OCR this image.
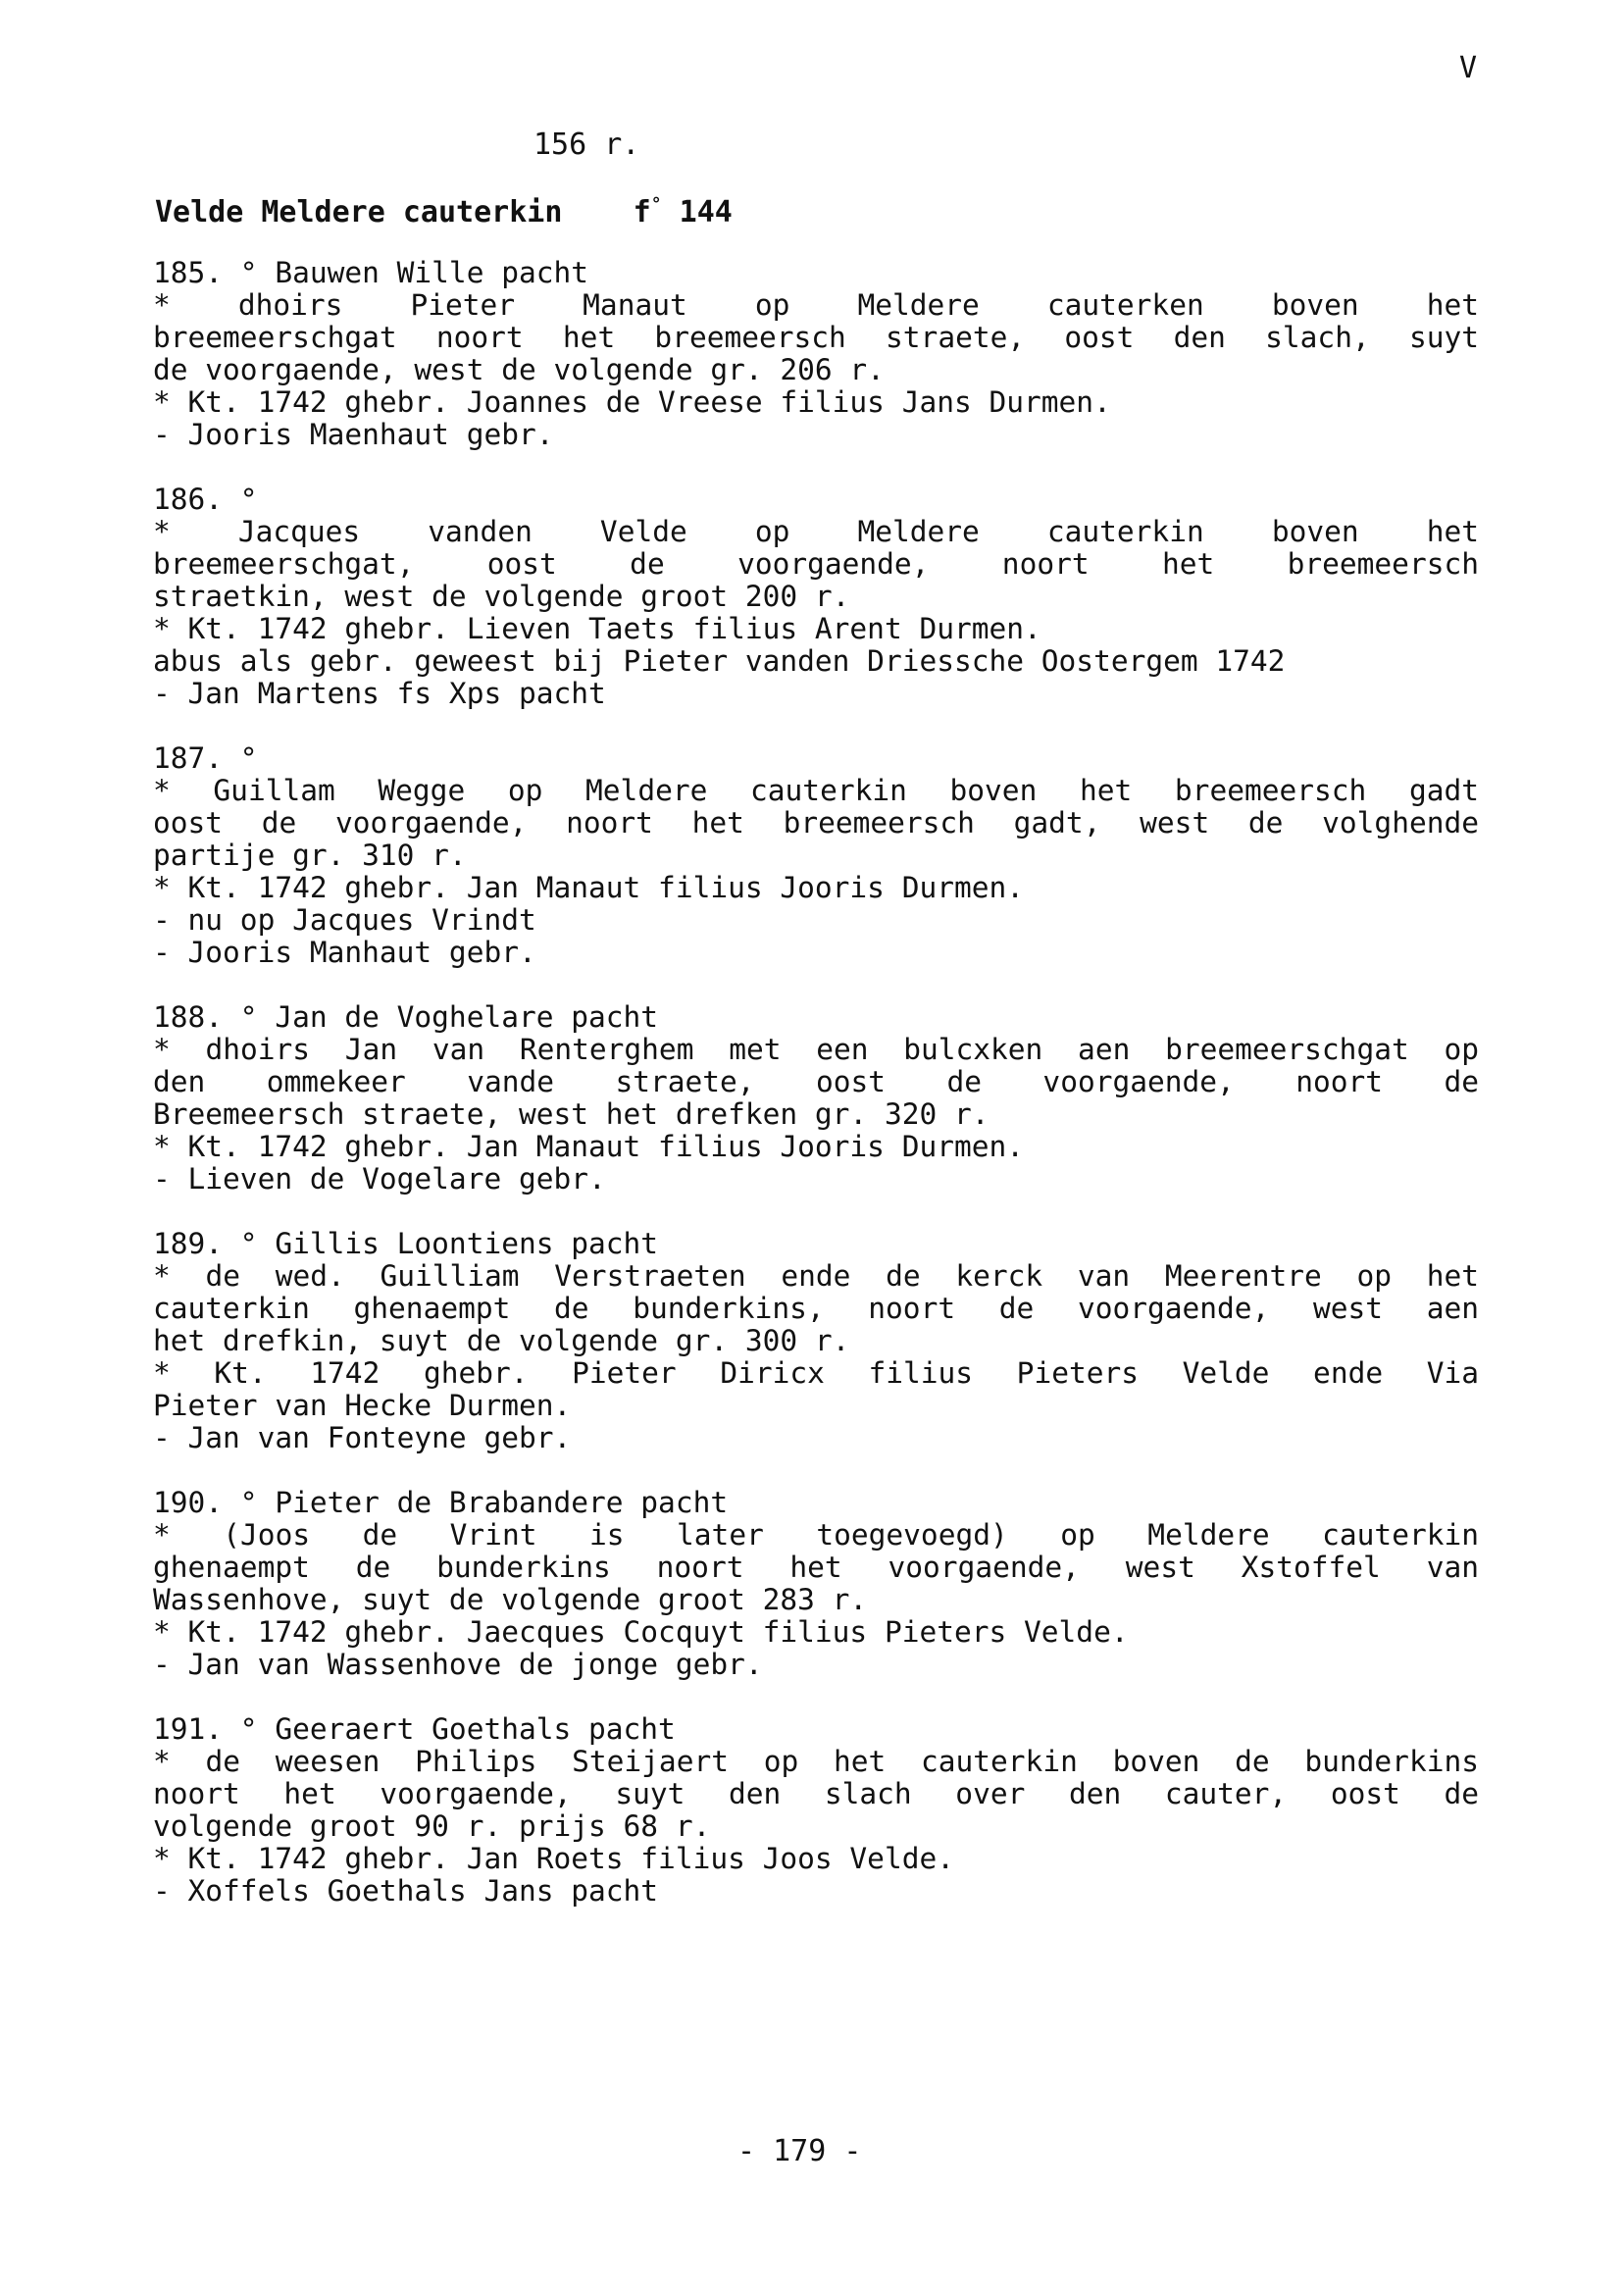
V
156 r.
Velde Meldere cauterkin    f° 144
185. ° Bauwen Wille pacht
* dhoirs Pieter Manaut op Meldere cauterken boven het
breemeerschgat noort het breemeersch straete, oost den slach, suyt
de voorgaende, west de volgende gr. 206 r.
* Kt. 1742 ghebr. Joannes de Vreese filius Jans Durmen.
- Jooris Maenhaut gebr.
186. °
* Jacques vanden Velde op Meldere cauterkin boven het
breemeerschgat, oost de voorgaende, noort het breemeersch
straetkin, west de volgende groot 200 r.
* Kt. 1742 ghebr. Lieven Taets filius Arent Durmen.
abus als gebr. geweest bij Pieter vanden Driessche Oostergem 1742
- Jan Martens fs Xps pacht
187. °
* Guillam Wegge op Meldere cauterkin boven het breemeersch gadt
oost de voorgaende, noort het breemeersch gadt, west de volghende
partije gr. 310 r.
* Kt. 1742 ghebr. Jan Manaut filius Jooris Durmen.
- nu op Jacques Vrindt
- Jooris Manhaut gebr.
188. ° Jan de Voghelare pacht
* dhoirs Jan van Renterghem met een bulcxken aen breemeerschgat op
den ommekeer vande straete, oost de voorgaende, noort de
Breemeersch straete, west het drefken gr. 320 r.
* Kt. 1742 ghebr. Jan Manaut filius Jooris Durmen.
- Lieven de Vogelare gebr.
189. ° Gillis Loontiens pacht
* de wed. Guilliam Verstraeten ende de kerck van Meerentre op het
cauterkin ghenaempt de bunderkins, noort de voorgaende, west aen
het drefkin, suyt de volgende gr. 300 r.
* Kt. 1742 ghebr. Pieter Diricx filius Pieters Velde ende Via
Pieter van Hecke Durmen.
- Jan van Fonteyne gebr.
190. ° Pieter de Brabandere pacht
* (Joos de Vrint is later toegevoegd) op Meldere cauterkin
ghenaempt de bunderkins noort het voorgaende, west Xstoffel van
Wassenhove, suyt de volgende groot 283 r.
* Kt. 1742 ghebr. Jaecques Cocquyt filius Pieters Velde.
- Jan van Wassenhove de jonge gebr.
191. ° Geeraert Goethals pacht
* de weesen Philips Steijaert op het cauterkin boven de bunderkins
noort het voorgaende, suyt den slach over den cauter, oost de
volgende groot 90 r. prijs 68 r.
* Kt. 1742 ghebr. Jan Roets filius Joos Velde.
- Xoffels Goethals Jans pacht
- 179 -
